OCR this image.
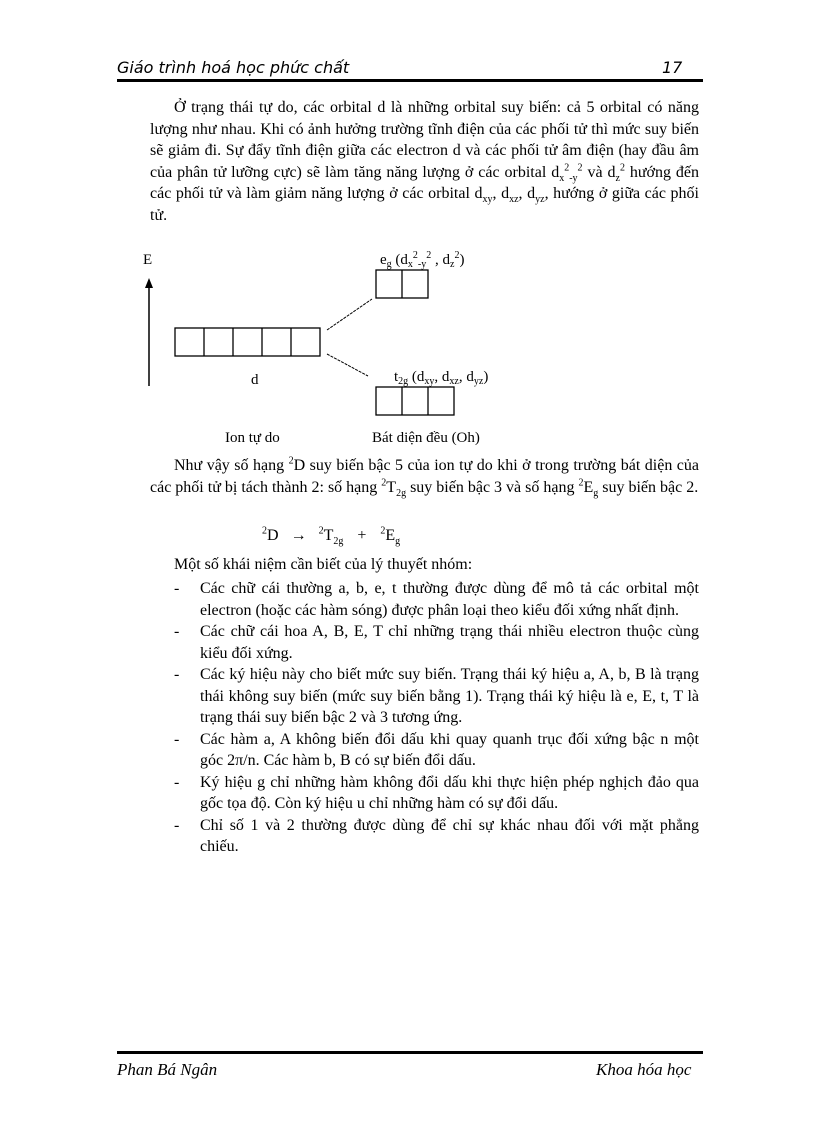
Giáo trình hoá học phức chất	17
Ở trạng thái tự do, các orbital d là những orbital suy biến: cả 5 orbital có năng lượng như nhau. Khi có ảnh hưởng trường tĩnh điện của các phối tử thì mức suy biến sẽ giảm đi. Sự đẩy tĩnh điện giữa các electron d và các phối tử âm điện (hay đầu âm của phân tử lưỡng cực) sẽ làm tăng năng lượng ở các orbital $d_x^2_{-y}^2$ và $d_z^2$ hướng đến các phối tử và làm giảm năng lượng ở các orbital $d_{xy}$, $d_{xz}$, $d_{yz}$, hướng ở giữa các phối tử.
E
d
$e_g$ ($d_x^2_-y^2$ , $d_z^2$)
$t_{2g}$ ($d_{xy}$, $d_{xz}$, $d_{yz}$)
Ion tự do	Bát diện đều (Oh)
Như vậy số hạng $^2$D suy biến bậc 5 của ion tự do khi ở trong trường bát diện của các phối tử bị tách thành 2: số hạng $^2T_{2g}$ suy biến bậc 3 và số hạng $^2E_g$ suy biến bậc 2.
$^2D \to ^2T_{2g} + ^2E_g$
Một số khái niệm cần biết của lý thuyết nhóm:
- Các chữ cái thường a, b, e, t thường được dùng để mô tả các orbital một electron (hoặc các hàm sóng) được phân loại theo kiểu đối xứng nhất định.
- Các chữ cái hoa A, B, E, T chỉ những trạng thái nhiều electron thuộc cùng kiểu đối xứng.
- Các ký hiệu này cho biết mức suy biến. Trạng thái ký hiệu a, A, b, B là trạng thái không suy biến (mức suy biến bằng 1). Trạng thái ký hiệu là e, E, t, T là trạng thái suy biến bậc 2 và 3 tương ứng.
- Các hàm a, A không biến đổi dấu khi quay quanh trục đối xứng bậc n một góc 2π/n. Các hàm b, B có sự biến đổi dấu.
- Ký hiệu g chỉ những hàm không đổi dấu khi thực hiện phép nghịch đảo qua gốc tọa độ. Còn ký hiệu u chỉ những hàm có sự đổi dấu.
- Chỉ số 1 và 2 thường được dùng để chỉ sự khác nhau đối với mặt phẳng chiếu.
Phan Bá Ngân	Khoa hóa học
